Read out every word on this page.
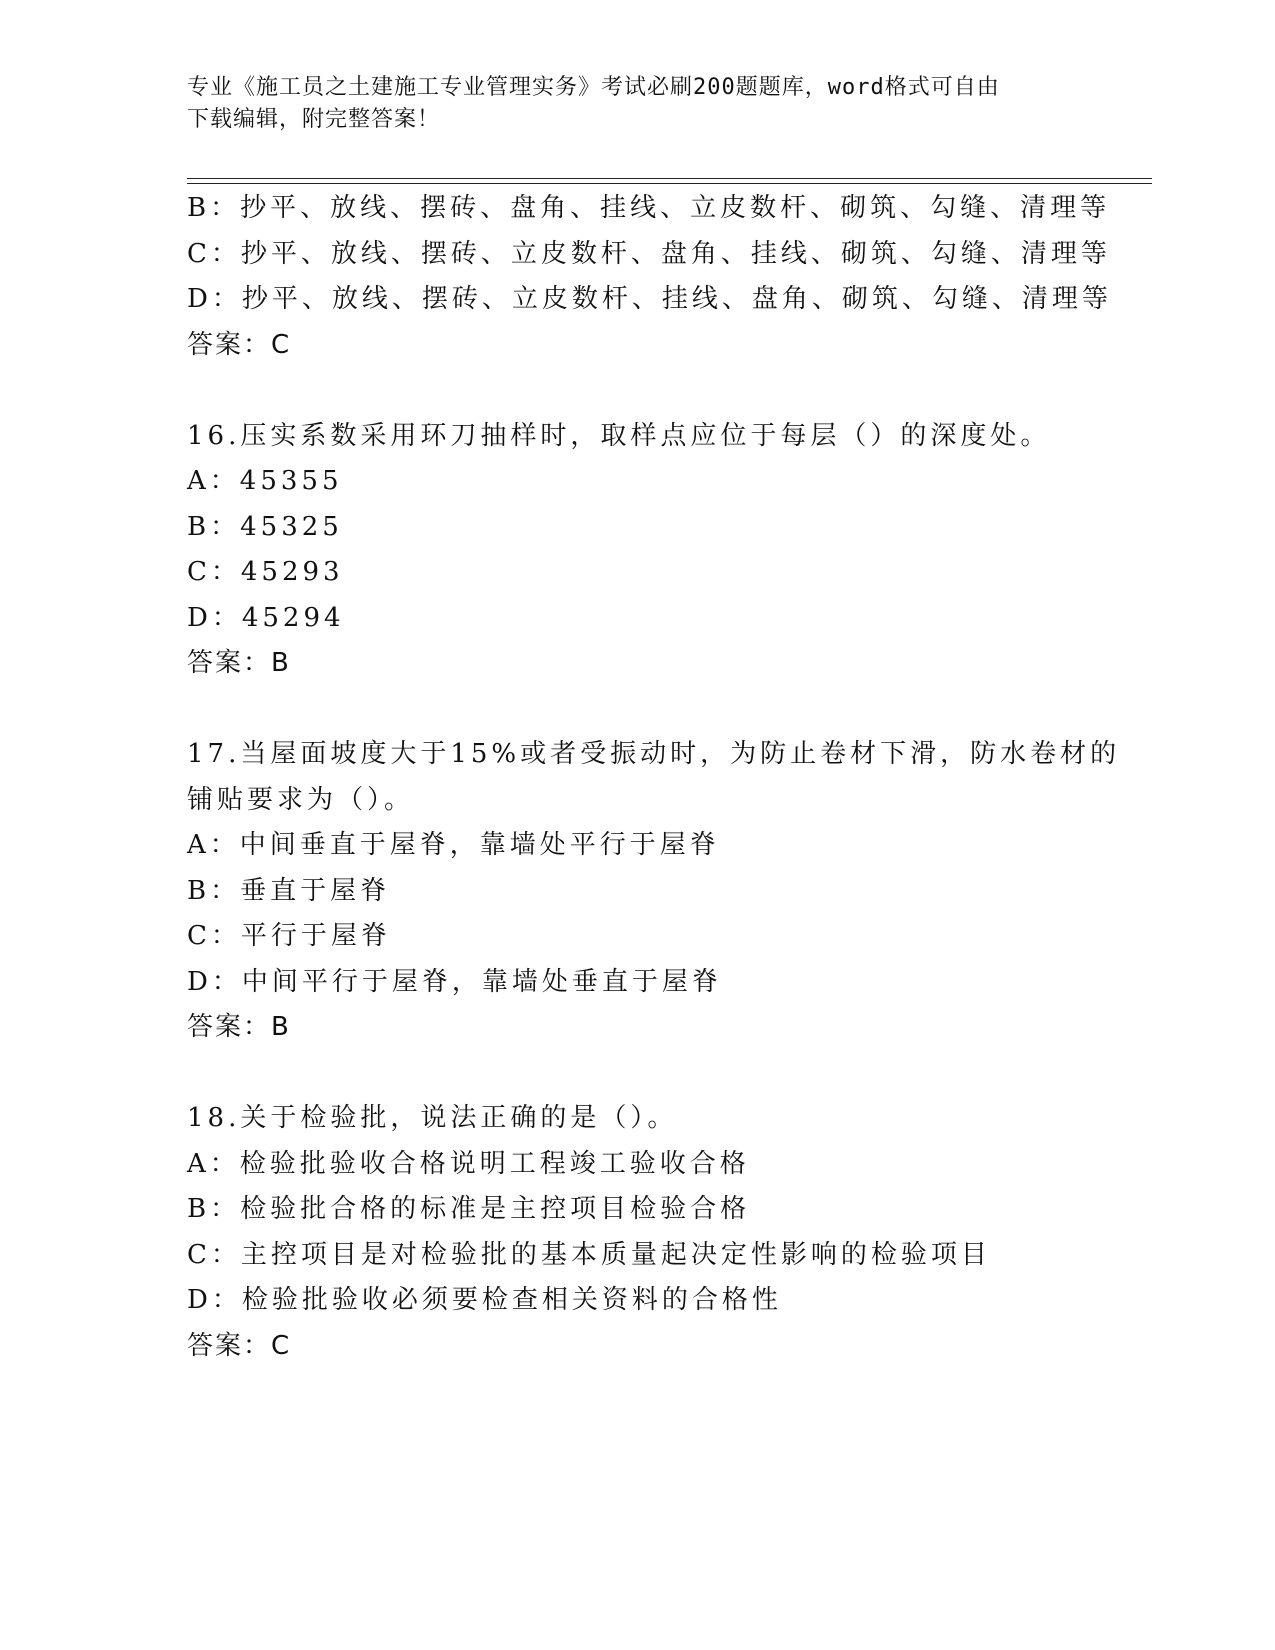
专业《施工员之土建施工专业管理实务》考试必刷200题题库，word格式可自由
下载编辑，附完整答案！
B：抄平、放线、摆砖、盘角、挂线、立皮数杆、砌筑、勾缝、清理等
C：抄平、放线、摆砖、立皮数杆、盘角、挂线、砌筑、勾缝、清理等
D：抄平、放线、摆砖、立皮数杆、挂线、盘角、砌筑、勾缝、清理等
答案：C
16.压实系数采用环刀抽样时，取样点应位于每层（）的深度处。
A：45355
B：45325
C：45293
D：45294
答案：B
17.当屋面坡度大于15%或者受振动时，为防止卷材下滑，防水卷材的
铺贴要求为（）。
A：中间垂直于屋脊，靠墙处平行于屋脊
B：垂直于屋脊
C：平行于屋脊
D：中间平行于屋脊，靠墙处垂直于屋脊
答案：B
18.关于检验批，说法正确的是（）。
A：检验批验收合格说明工程竣工验收合格
B：检验批合格的标准是主控项目检验合格
C：主控项目是对检验批的基本质量起决定性影响的检验项目
D：检验批验收必须要检查相关资料的合格性
答案：C
